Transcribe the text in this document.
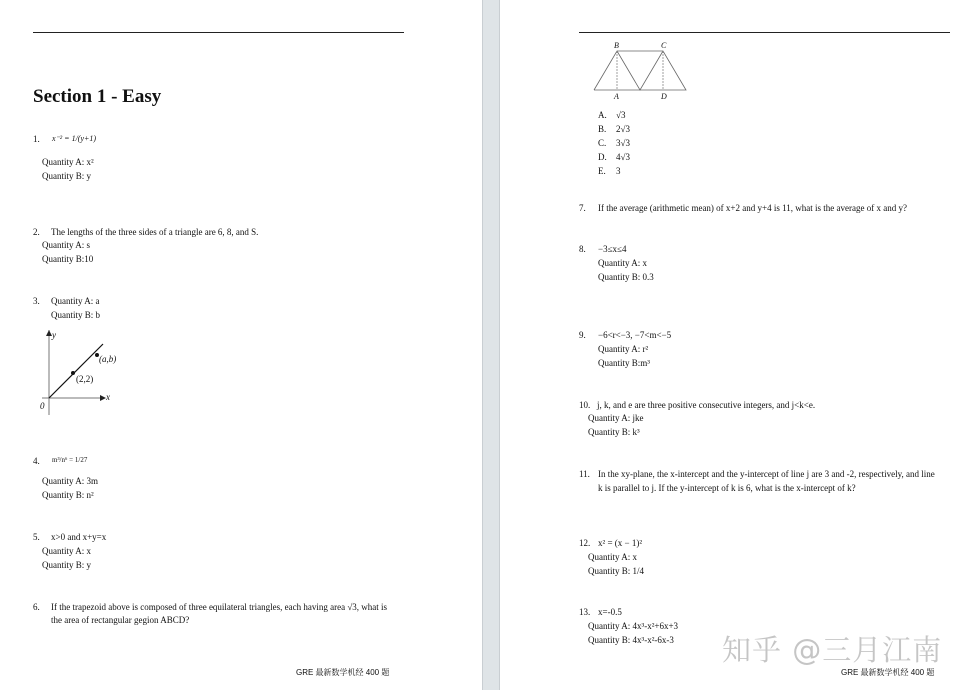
Section 1 - Easy
1. x⁻² = 1/(y+1)
Quantity A: x²
Quantity B: y
2. The lengths of the three sides of a triangle are 6, 8, and S.
Quantity A: s
Quantity B:10
3. Quantity A: a
Quantity B: b
y
x
0
(a,b)
(2,2)
4. m³/n⁶ = 1/27
Quantity A: 3m
Quantity B: n²
5. x>0 and x+y=x
Quantity A: x
Quantity B: y
6. If the trapezoid above is composed of three equilateral triangles, each having area √3, what is
the area of rectangular gegion ABCD?
GRE 最新数学机经 400 题
B	C
A	D
A. √3
B. 2√3
C. 3√3
D. 4√3
E. 3
7. If the average (arithmetic mean) of x+2 and y+4 is 11, what is the average of x and y?
8. −3≤x≤4
Quantity A: x
Quantity B: 0.3
9. −6<r<−3, −7<m<−5
Quantity A: r²
Quantity B:m³
10. j, k, and e are three positive consecutive integers, and j<k<e.
Quantity A: jke
Quantity B: k³
11. In the xy-plane, the x-intercept and the y-intercept of line j are 3 and -2, respectively, and line
k is parallel to j. If the y-intercept of k is 6, what is the x-intercept of k?
12. x² = (x − 1)²
Quantity A: x
Quantity B: 1/4
13. x=-0.5
Quantity A: 4x³-x²+6x+3
Quantity B: 4x³-x²-6x-3
GRE 最新数学机经 400 题
知乎 @三月江南
